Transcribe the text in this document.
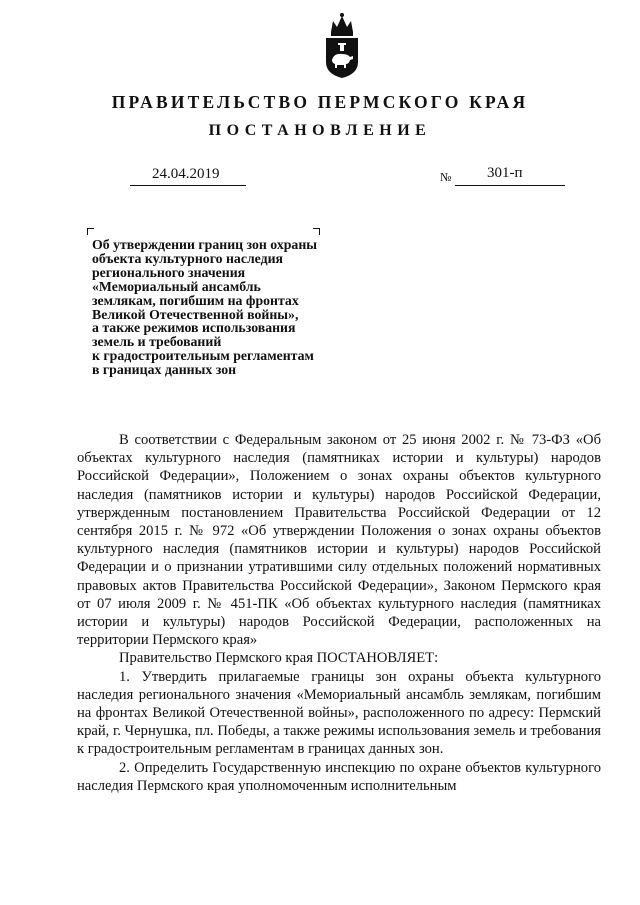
ПРАВИТЕЛЬСТВО ПЕРМСКОГО КРАЯ
ПОСТАНОВЛЕНИЕ
24.04.2019	№ 301-п
Об утверждении границ зон охраны
объекта культурного наследия
регионального значения
«Мемориальный ансамбль
землякам, погибшим на фронтах
Великой Отечественной войны»,
а также режимов использования
земель и требований
к градостроительным регламентам
в границах данных зон

В соответствии с Федеральным законом от 25 июня 2002 г. № 73-ФЗ «Об объектах культурного наследия (памятниках истории и культуры) народов Российской Федерации», Положением о зонах охраны объектов культурного наследия (памятников истории и культуры) народов Российской Федерации, утвержденным постановлением Правительства Российской Федерации от 12 сентября 2015 г. № 972 «Об утверждении Положения о зонах охраны объектов культурного наследия (памятников истории и культуры) народов Российской Федерации и о признании утратившими силу отдельных положений нормативных правовых актов Правительства Российской Федерации», Законом Пермского края от 07 июля 2009 г. № 451-ПК «Об объектах культурного наследия (памятниках истории и культуры) народов Российской Федерации, расположенных на территории Пермского края»

Правительство Пермского края ПОСТАНОВЛЯЕТ:

1. Утвердить прилагаемые границы зон охраны объекта культурного наследия регионального значения «Мемориальный ансамбль землякам, погибшим на фронтах Великой Отечественной войны», расположенного по адресу: Пермский край, г. Чернушка, пл. Победы, а также режимы использования земель и требования к градостроительным регламентам в границах данных зон.

2. Определить Государственную инспекцию по охране объектов культурного наследия Пермского края уполномоченным исполнительным
